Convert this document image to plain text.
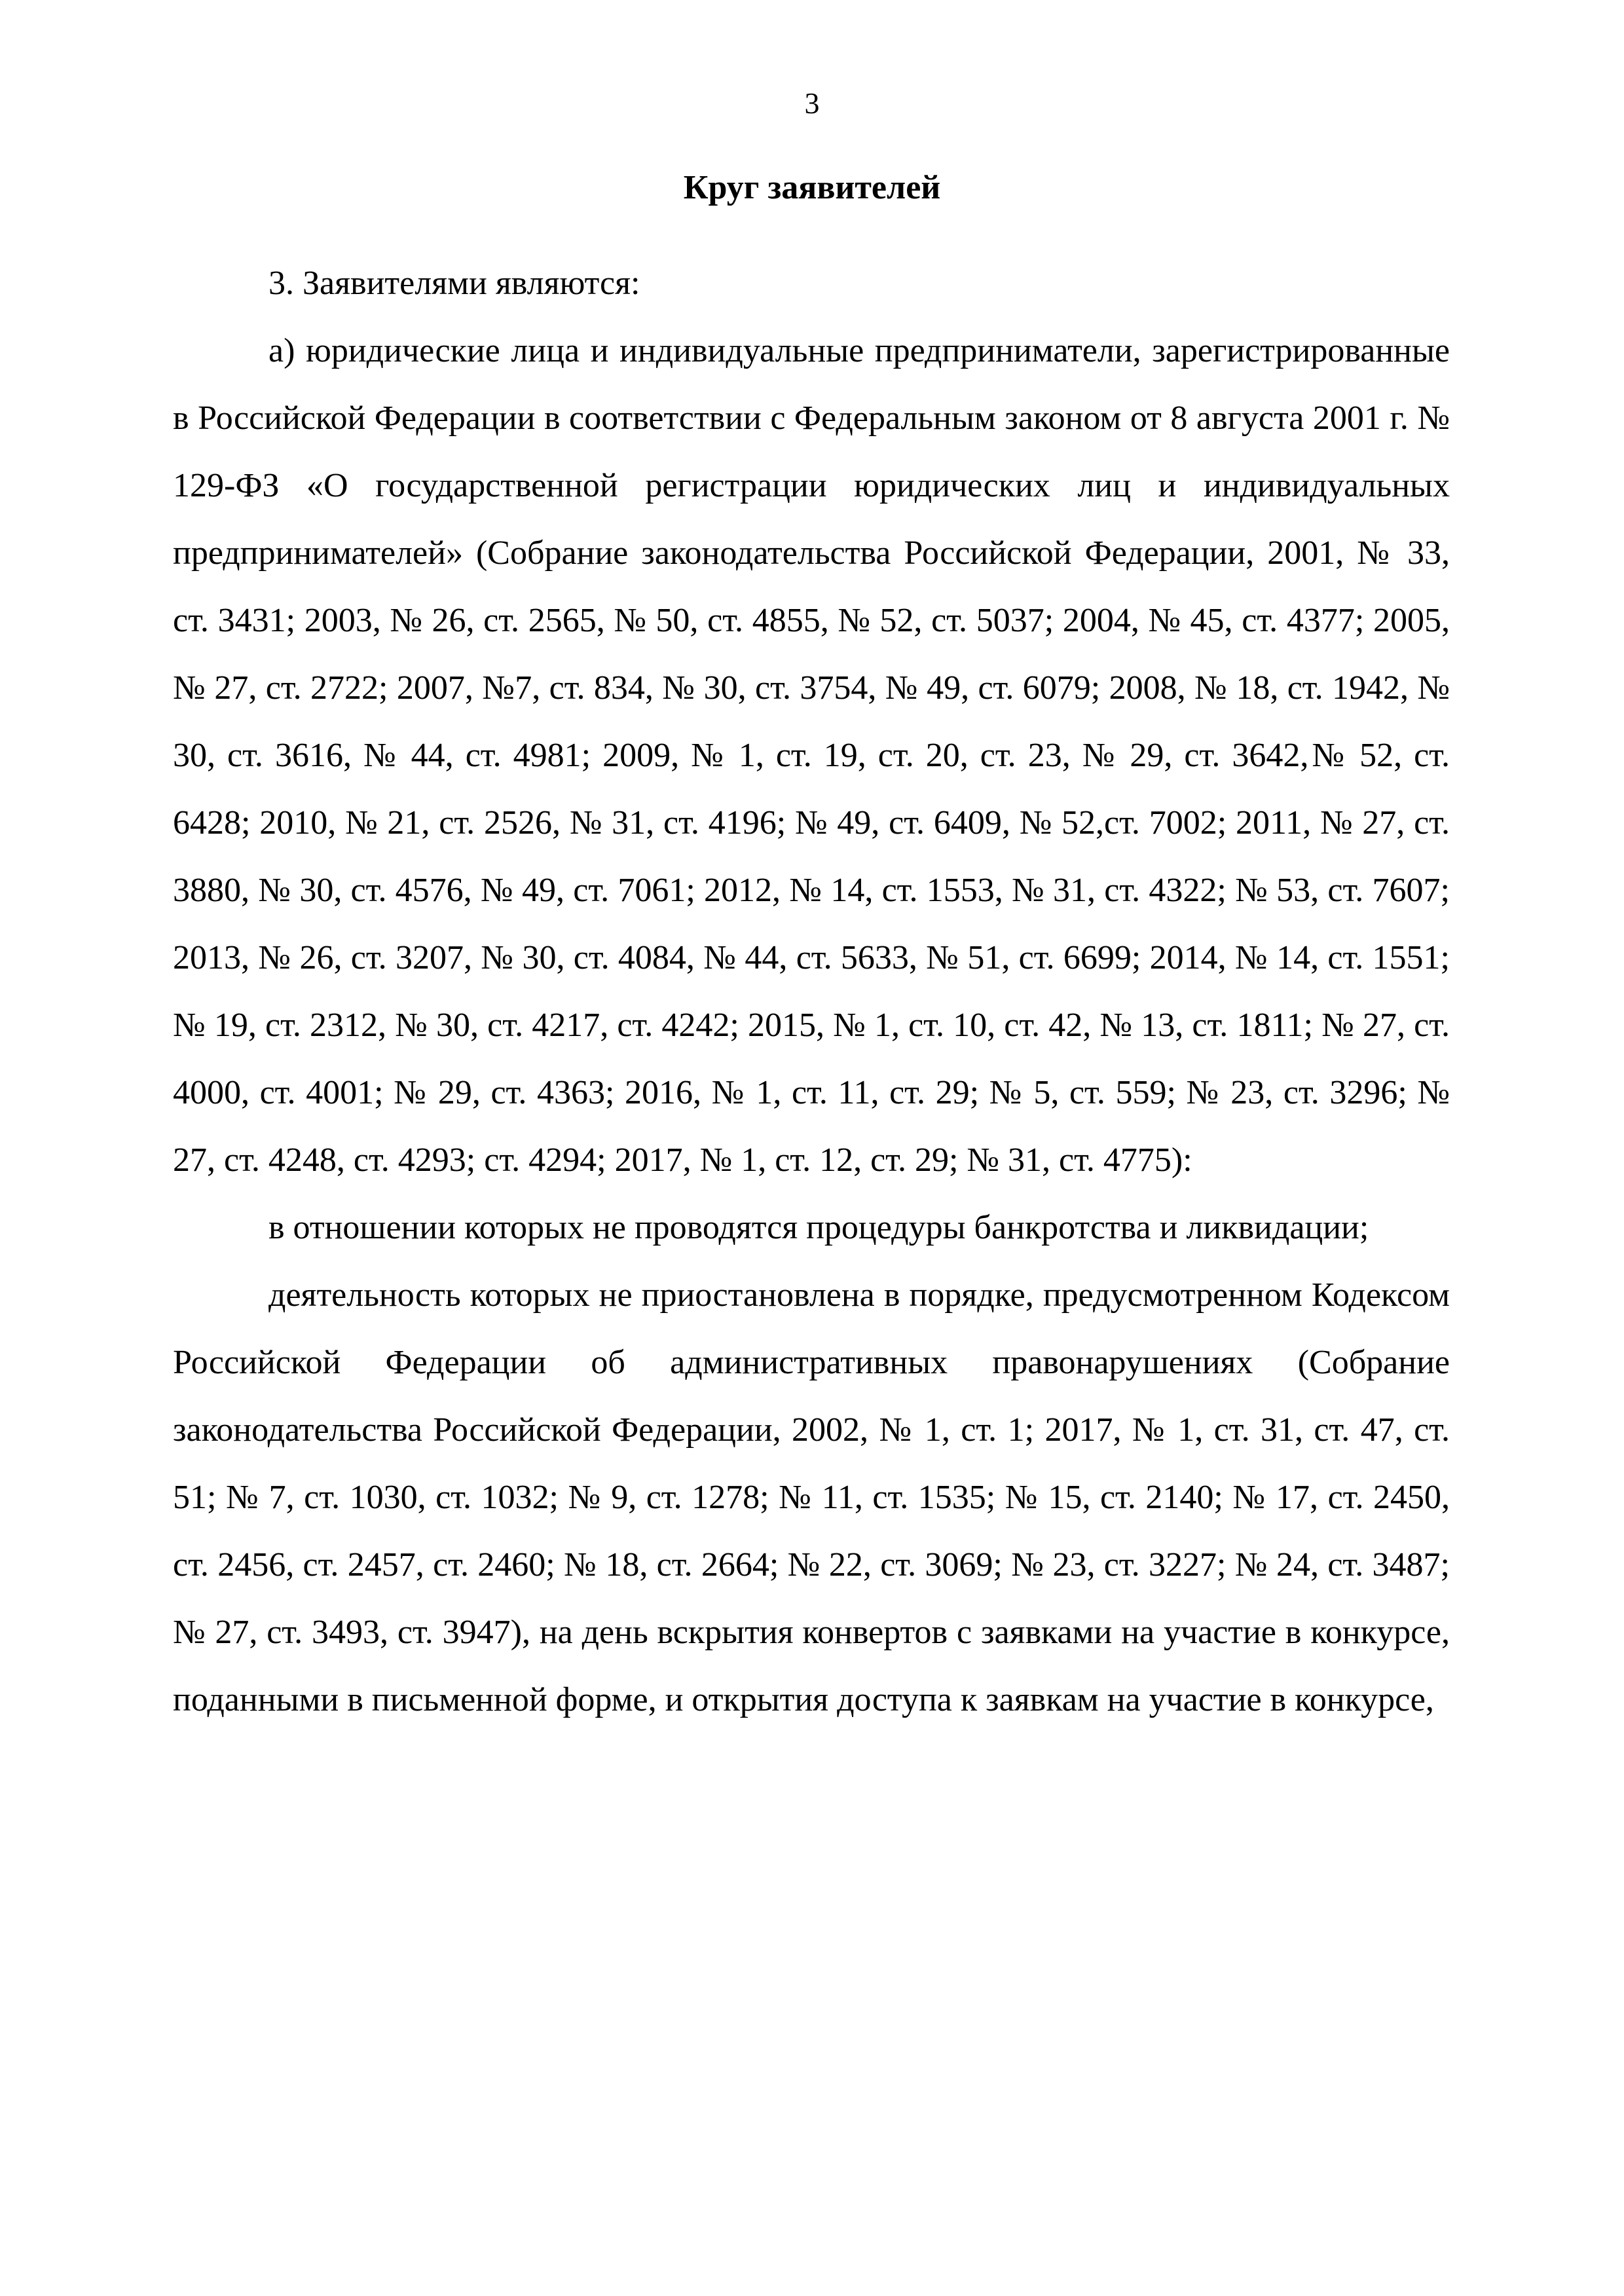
3
Круг заявителей

3. Заявителями являются:

а) юридические лица и индивидуальные предприниматели, зарегистрированные в Российской Федерации в соответствии с Федеральным законом от 8 августа 2001 г. № 129-ФЗ «О государственной регистрации юридических лиц и индивидуальных предпринимателей» (Собрание законодательства Российской Федерации, 2001, № 33, ст. 3431; 2003, № 26, ст. 2565, № 50, ст. 4855, № 52, ст. 5037; 2004, № 45, ст. 4377; 2005, № 27, ст. 2722; 2007, №7, ст. 834, № 30, ст. 3754, № 49, ст. 6079; 2008, № 18, ст. 1942, № 30, ст. 3616, № 44, ст. 4981; 2009, № 1, ст. 19, ст. 20, ст. 23, № 29, ст. 3642,№ 52, ст. 6428; 2010, № 21, ст. 2526, № 31, ст. 4196; № 49, ст. 6409, № 52,ст. 7002; 2011, № 27, ст. 3880, № 30, ст. 4576, № 49, ст. 7061; 2012, № 14, ст. 1553, № 31, ст. 4322; № 53, ст. 7607; 2013, № 26, ст. 3207, № 30, ст. 4084, № 44, ст. 5633, № 51, ст. 6699; 2014, № 14, ст. 1551; № 19, ст. 2312, № 30, ст. 4217, ст. 4242; 2015, № 1, ст. 10, ст. 42, № 13, ст. 1811; № 27, ст. 4000, ст. 4001; № 29, ст. 4363; 2016, № 1, ст. 11, ст. 29; № 5, ст. 559; № 23, ст. 3296; № 27, ст. 4248, ст. 4293; ст. 4294; 2017, № 1, ст. 12, ст. 29; № 31, ст. 4775):

в отношении которых не проводятся процедуры банкротства и ликвидации;

деятельность которых не приостановлена в порядке, предусмотренном Кодексом Российской Федерации об административных правонарушениях (Собрание законодательства Российской Федерации, 2002, № 1, ст. 1; 2017, № 1, ст. 31, ст. 47, ст. 51; № 7, ст. 1030, ст. 1032; № 9, ст. 1278; № 11, ст. 1535; № 15, ст. 2140; № 17, ст. 2450, ст. 2456, ст. 2457, ст. 2460; № 18, ст. 2664; № 22, ст. 3069; № 23, ст. 3227; № 24, ст. 3487; № 27, ст. 3493, ст. 3947), на день вскрытия конвертов с заявками на участие в конкурсе, поданными в письменной форме, и открытия доступа к заявкам на участие в конкурсе,
